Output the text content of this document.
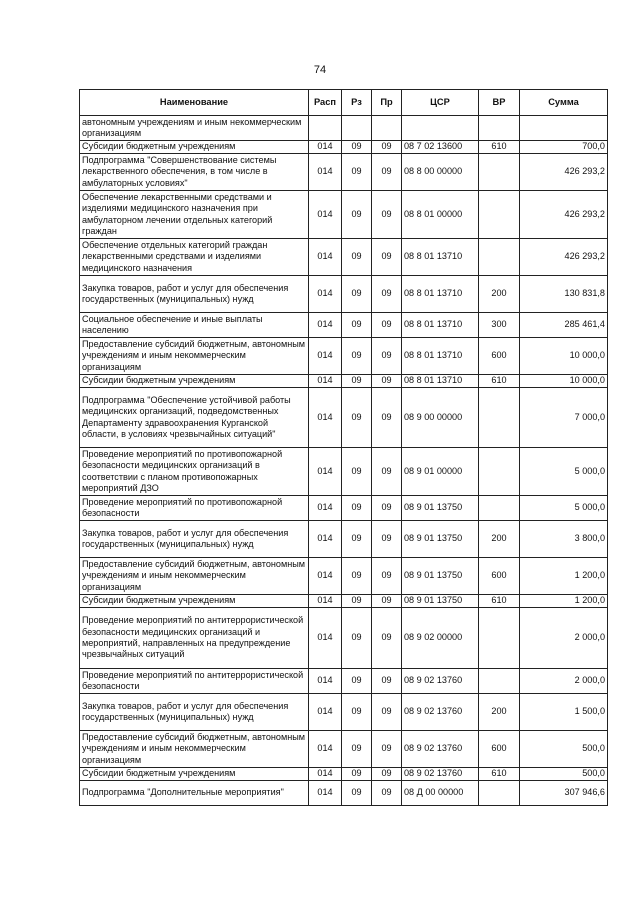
74
Наименование	Расп	Рз	Пр	ЦСР	ВР	Сумма
автономным учреждениям и иным некоммерческим организациям						
Субсидии бюджетным учреждениям	014	09	09	08 7 02 13600	610	700,0
Подпрограмма "Совершенствование системы лекарственного обеспечения, в том числе в амбулаторных условиях"	014	09	09	08 8 00 00000		426 293,2
Обеспечение лекарственными средствами и изделиями медицинского назначения при амбулаторном лечении отдельных категорий граждан	014	09	09	08 8 01 00000		426 293,2
Обеспечение отдельных категорий граждан лекарственными средствами и изделиями медицинского назначения	014	09	09	08 8 01 13710		426 293,2
Закупка товаров, работ и услуг для обеспечения государственных (муниципальных) нужд	014	09	09	08 8 01 13710	200	130 831,8
Социальное обеспечение и иные выплаты населению	014	09	09	08 8 01 13710	300	285 461,4
Предоставление субсидий бюджетным, автономным учреждениям и иным некоммерческим организациям	014	09	09	08 8 01 13710	600	10 000,0
Субсидии бюджетным учреждениям	014	09	09	08 8 01 13710	610	10 000,0
Подпрограмма "Обеспечение устойчивой работы медицинских организаций, подведомственных Департаменту здравоохранения Курганской области, в условиях чрезвычайных ситуаций"	014	09	09	08 9 00 00000		7 000,0
Проведение мероприятий по противопожарной безопасности медицинских организаций в соответствии с планом противопожарных мероприятий ДЗО	014	09	09	08 9 01 00000		5 000,0
Проведение мероприятий по противопожарной безопасности	014	09	09	08 9 01 13750		5 000,0
Закупка товаров, работ и услуг для обеспечения государственных (муниципальных) нужд	014	09	09	08 9 01 13750	200	3 800,0
Предоставление субсидий бюджетным, автономным учреждениям и иным некоммерческим организациям	014	09	09	08 9 01 13750	600	1 200,0
Субсидии бюджетным учреждениям	014	09	09	08 9 01 13750	610	1 200,0
Проведение мероприятий по антитеррористической безопасности медицинских организаций и мероприятий, направленных на предупреждение чрезвычайных ситуаций	014	09	09	08 9 02 00000		2 000,0
Проведение мероприятий по антитеррористической безопасности	014	09	09	08 9 02 13760		2 000,0
Закупка товаров, работ и услуг для обеспечения государственных (муниципальных) нужд	014	09	09	08 9 02 13760	200	1 500,0
Предоставление субсидий бюджетным, автономным учреждениям и иным некоммерческим организациям	014	09	09	08 9 02 13760	600	500,0
Субсидии бюджетным учреждениям	014	09	09	08 9 02 13760	610	500,0
Подпрограмма "Дополнительные мероприятия"	014	09	09	08 Д 00 00000		307 946,6
